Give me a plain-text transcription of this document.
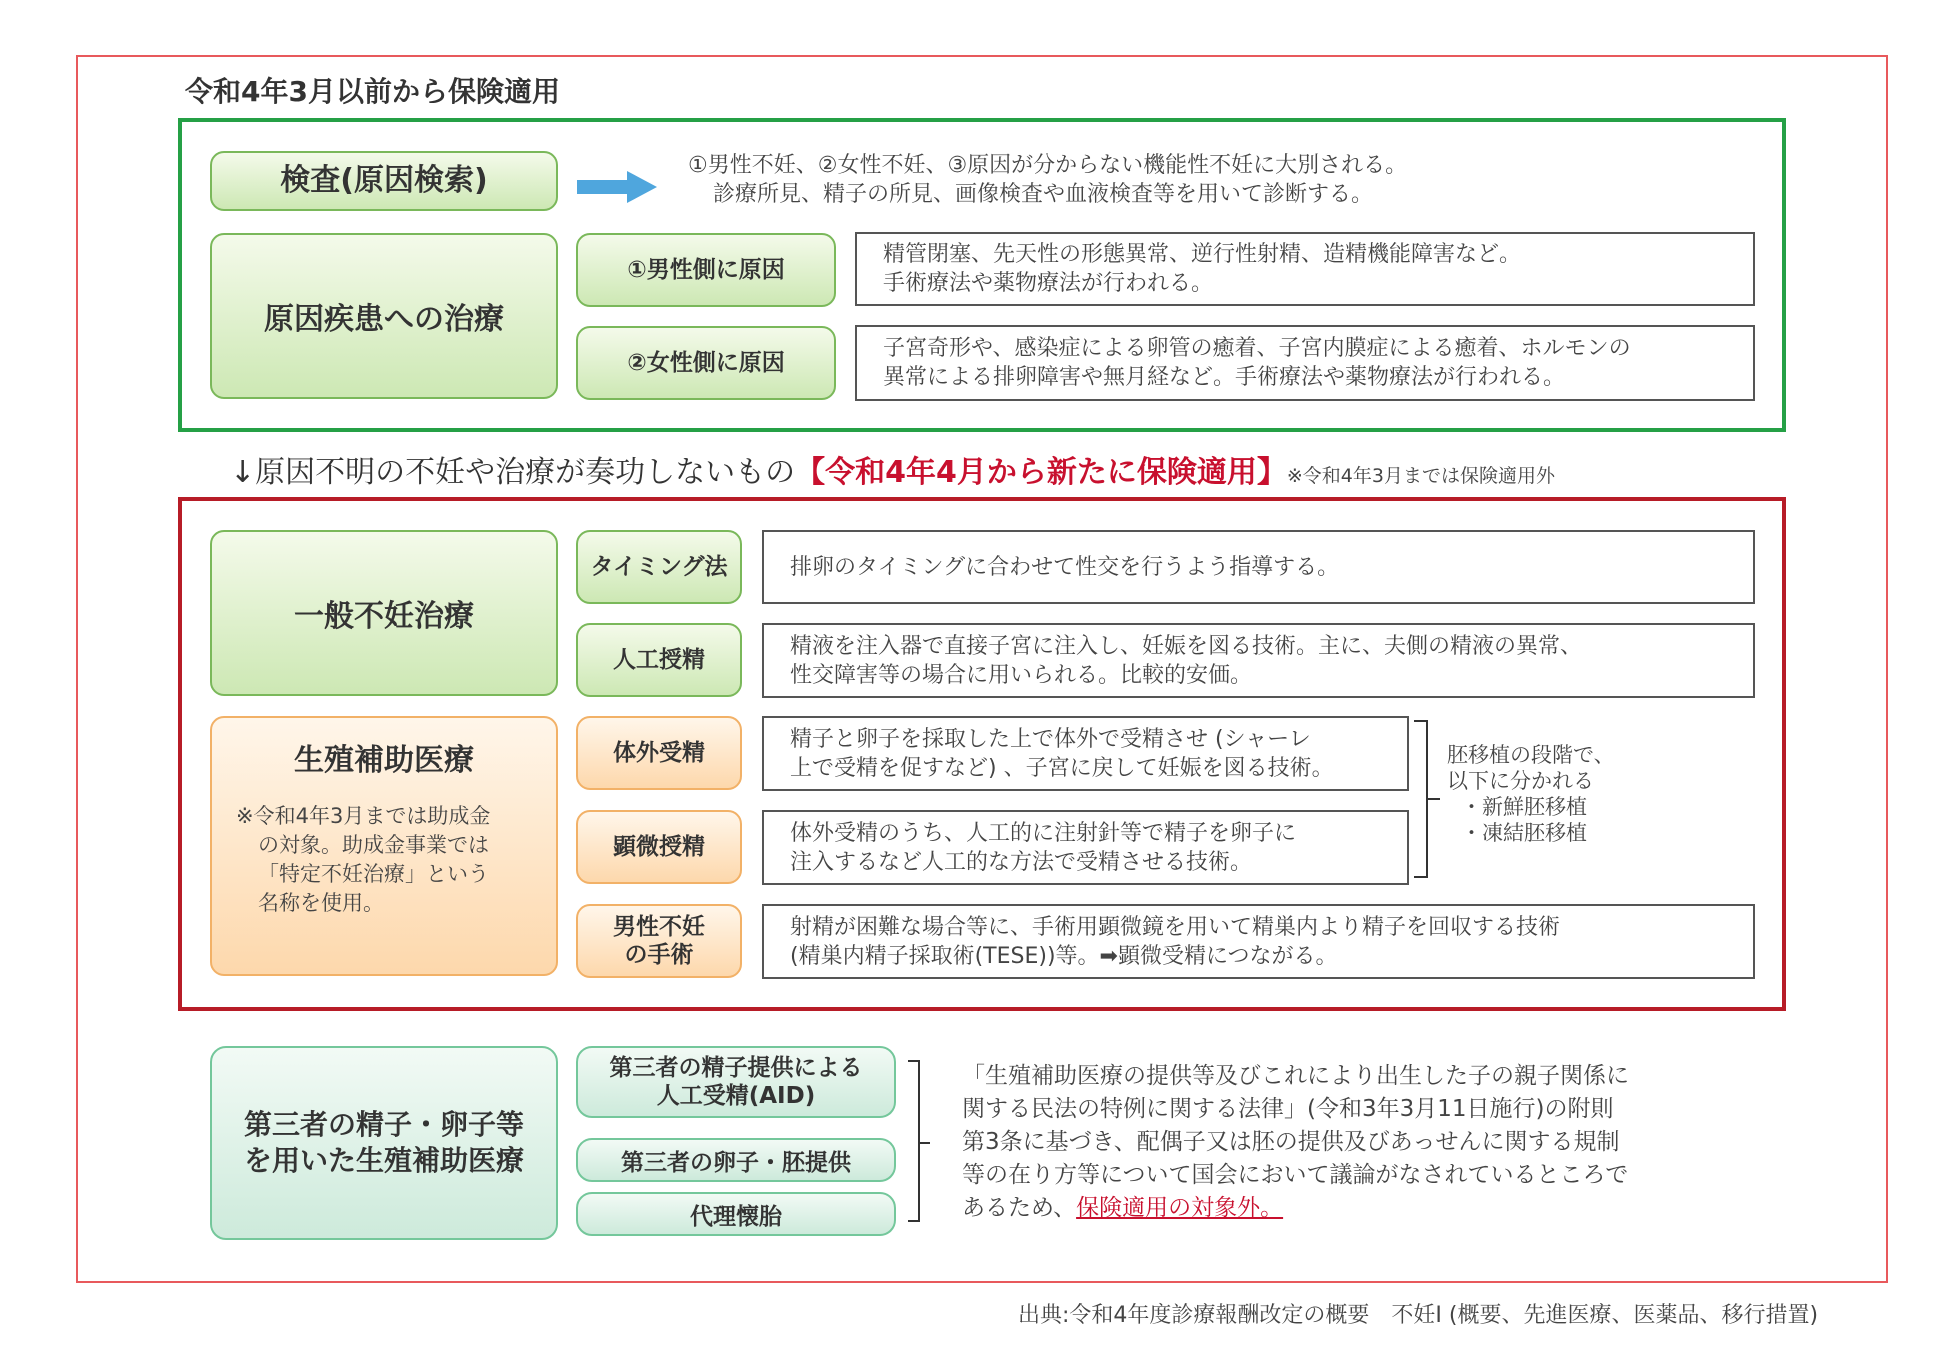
令和4年3月以前から保険適用
検査(原因検索)	①男性不妊、②女性不妊、③原因が分からない機能性不妊に大別される。
診療所見、精子の所見、画像検査や血液検査等を用いて診断する。
原因疾患への治療
①男性側に原因
精管閉塞、先天性の形態異常、逆行性射精、造精機能障害など。
手術療法や薬物療法が行われる。
②女性側に原因
子宮奇形や、感染症による卵管の癒着、子宮内膜症による癒着、ホルモンの
異常による排卵障害や無月経など。手術療法や薬物療法が行われる。
↓原因不明の不妊や治療が奏功しないもの【令和4年4月から新たに保険適用】※令和4年3月までは保険適用外
一般不妊治療
タイミング法	排卵のタイミングに合わせて性交を行うよう指導する。
人工授精
精液を注入器で直接子宮に注入し、妊娠を図る技術。主に、夫側の精液の異常、
性交障害等の場合に用いられる。比較的安価。
生殖補助医療
※令和4年3月までは助成金
の対象。助成金事業では
「特定不妊治療」という
名称を使用。
体外受精
精子と卵子を採取した上で体外で受精させ (シャーレ
上で受精を促すなど) 、子宮に戻して妊娠を図る技術。
顕微授精
体外受精のうち、人工的に注射針等で精子を卵子に
注入するなど人工的な方法で受精させる技術。
胚移植の段階で、
以下に分かれる
・新鮮胚移植
・凍結胚移植
男性不妊
の手術
射精が困難な場合等に、手術用顕微鏡を用いて精巣内より精子を回収する技術
(精巣内精子採取術(TESE))等。➡顕微受精につながる。
第三者の精子・卵子等
を用いた生殖補助医療
第三者の精子提供による
人工受精(AID)
第三者の卵子・胚提供
代理懐胎
「生殖補助医療の提供等及びこれにより出生した子の親子関係に
関する民法の特例に関する法律」(令和3年3月11日施行)の附則
第3条に基づき、配偶子又は胚の提供及びあっせんに関する規制
等の在り方等について国会において議論がなされているところで
あるため、保険適用の対象外。
出典:令和4年度診療報酬改定の概要　不妊I (概要、先進医療、医薬品、移行措置)
